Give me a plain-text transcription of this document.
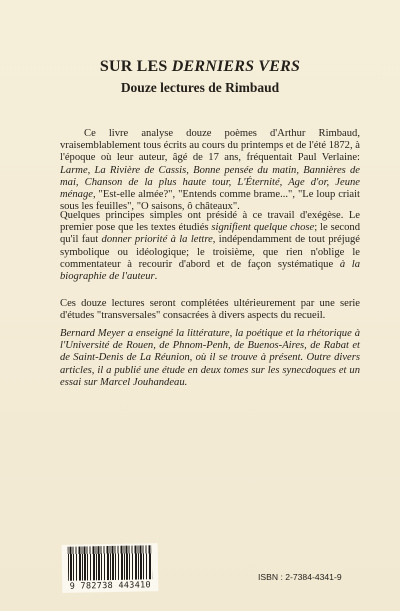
SUR LES DERNIERS VERS
Douze lectures de Rimbaud
Ce livre analyse douze poèmes d'Arthur Rimbaud, vraisemblablement tous écrits au cours du printemps et de l'été 1872, à l'époque où leur auteur, âgé de 17 ans, fréquentait Paul Verlaine: Larme, La Rivière de Cassis, Bonne pensée du matin, Bannières de mai, Chanson de la plus haute tour, L'Éternité, Age d'or, Jeune ménage, "Est-elle almée?", "Entends comme brame...", "Le loup criait sous les feuilles", "O saisons, ô châteaux".
Quelques principes simples ont présidé à ce travail d'exégèse. Le premier pose que les textes étudiés signifient quelque chose; le second qu'il faut donner priorité à la lettre, indépendamment de tout préjugé symbolique ou idéologique; le troisième, que rien n'oblige le commentateur à recourir d'abord et de façon systématique à la biographie de l'auteur.
Ces douze lectures seront complétées ultérieurement par une serie d'études "transversales" consacrées à divers aspects du recueil.
Bernard Meyer a enseigné la littérature, la poétique et la rhétorique à l'Université de Rouen, de Phnom-Penh, de Buenos-Aires, de Rabat et de Saint-Denis de La Réunion, où il se trouve à présent. Outre divers articles, il a publié une étude en deux tomes sur les synecdoques et un essai sur Marcel Jouhandeau.
9 782738 443410
ISBN : 2-7384-4341-9
